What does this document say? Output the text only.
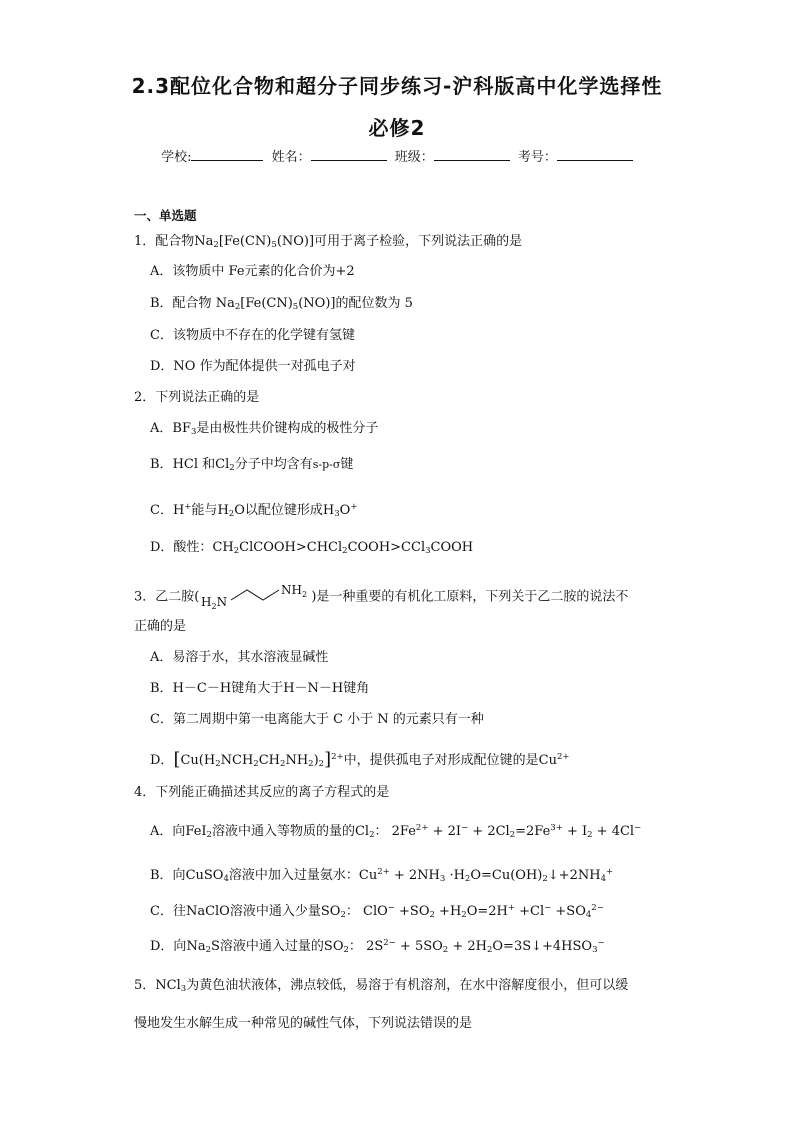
2.3配位化合物和超分子同步练习-沪科版高中化学选择性
必修2
学校:	姓名：	班级：	考号：
一、单选题
1．配合物$Na_2[Fe(CN)_5(NO)]$可用于离子检验，下列说法正确的是
A．该物质中 Fe元素的化合价为+2
B．配合物 $Na_2[Fe(CN)_5(NO)]$的配位数为 5
C．该物质中不存在的化学键有氢键
D．NO 作为配体提供一对孤电子对
2．下列说法正确的是
A．$BF_3$是由极性共价键构成的极性分子
B．HCl 和$Cl_2$分子中均含有s-p-σ键
C．H+能与$H_2O$以配位键形成$H_3O^+$
D．酸性：$CH_2ClCOOH>CHCl_2COOH>CCl_3COOH$
3．乙二胺( $H_2N$
$NH_2$ )是一种重要的有机化工原料，下列关于乙二胺的说法不
正确的是
A．易溶于水，其水溶液显碱性
B．H－C－H键角大于H－N－H键角
C．第二周期中第一电离能大于 C 小于 N 的元素只有一种
D．$[Cu(H_2NCH_2CH_2NH_2)_2]^{2+}$中，提供孤电子对形成配位键的是$Cu^{2+}$
4．下列能正确描述其反应的离子方程式的是
A．向FeI$_2$溶液中通入等物质的量的$Cl_2$： $2Fe^{2+} + 2I^- + 2Cl_2=2Fe^{3+} + I_2 + 4Cl^-$
B．向CuSO$_4$溶液中加入过量氨水：$Cu^{2+} + 2NH_3$ $\cdot H_2O=Cu(OH)_2↓+2NH_4^+$
C．往NaClO溶液中通入少量$SO_2$： $ClO^- +SO_2 +H_2O=2H^+ +Cl^- +SO_4^{2-}$
D．向$Na_2S$溶液中通入过量的$SO_2$： $2S^{2-} + 5SO_2$ + $2H_2O=3S↓+4HSO_3^-$
5．NCl$_3$为黄色油状液体，沸点较低，易溶于有机溶剂，在水中溶解度很小，但可以缓
慢地发生水解生成一种常见的碱性气体，下列说法错误的是
